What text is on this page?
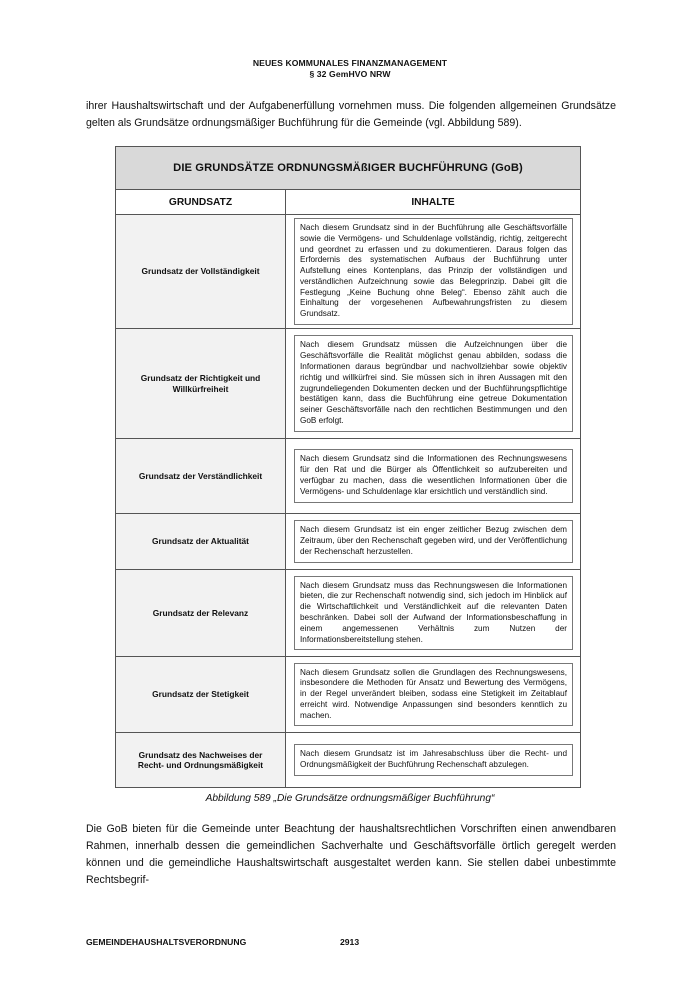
NEUES KOMMUNALES FINANZMANAGEMENT
§ 32 GemHVO NRW

ihrer Haushaltswirtschaft und der Aufgabenerfüllung vornehmen muss. Die folgenden allgemeinen Grundsätze gelten als Grundsätze ordnungsmäßiger Buchführung für die Gemeinde (vgl. Abbildung 589).

DIE GRUNDSÄTZE ORDNUNGSMÄßIGER BUCHFÜHRUNG (GoB)	
GRUNDSATZ	INHALTE
Grundsatz der Vollständigkeit	Nach diesem Grundsatz sind in der Buchführung alle Geschäftsvorfälle sowie die Vermögens- und Schuldenlage vollständig, richtig, zeitgerecht und geordnet zu erfassen und zu dokumentieren. Daraus folgen das Erfordernis des systematischen Aufbaus der Buchführung unter Aufstellung eines Kontenplans, das Prinzip der vollständigen und verständlichen Aufzeichnung sowie das Belegprinzip. Dabei gilt die Festlegung „Keine Buchung ohne Beleg“. Ebenso zählt auch die Einhaltung der vorgesehenen Aufbewahrungsfristen zu diesem Grundsatz.

Grundsatz der Richtigkeit und Willkürfreiheit	Nach diesem Grundsatz müssen die Aufzeichnungen über die Geschäftsvorfälle die Realität möglichst genau abbilden, sodass die Informationen daraus begründbar und nachvollziehbar sowie objektiv richtig und willkürfrei sind. Sie müssen sich in ihren Aussagen mit den zugrundeliegenden Dokumenten decken und der Buchführungspflichtige bestätigen kann, dass die Buchführung eine getreue Dokumentation seiner Geschäftsvorfälle nach den rechtlichen Bestimmungen und den GoB erfolgt.

Grundsatz der Verständlichkeit	Nach diesem Grundsatz sind die Informationen des Rechnungswesens für den Rat und die Bürger als Öffentlichkeit so aufzubereiten und verfügbar zu machen, dass die wesentlichen Informationen über die Vermögens- und Schuldenlage klar ersichtlich und verständlich sind.

Grundsatz der Aktualität	Nach diesem Grundsatz ist ein enger zeitlicher Bezug zwischen dem Zeitraum, über den Rechenschaft gegeben wird, und der Veröffentlichung der Rechenschaft herzustellen.

Grundsatz der Relevanz	Nach diesem Grundsatz muss das Rechnungswesen die Informationen bieten, die zur Rechenschaft notwendig sind, sich jedoch im Hinblick auf die Wirtschaftlichkeit und Verständlichkeit auf die relevanten Daten beschränken. Dabei soll der Aufwand der Informationsbeschaffung in einem angemessenen Verhältnis zum Nutzen der Informationsbereitstellung stehen.

Grundsatz der Stetigkeit	Nach diesem Grundsatz sollen die Grundlagen des Rechnungswesens, insbesondere die Methoden für Ansatz und Bewertung des Vermögens, in der Regel unverändert bleiben, sodass eine Stetigkeit im Zeitablauf erreicht wird. Notwendige Anpassungen sind besonders kenntlich zu machen.

Grundsatz des Nachweises der Recht- und Ordnungsmäßigkeit	Nach diesem Grundsatz ist im Jahresabschluss über die Recht- und Ordnungsmäßigkeit der Buchführung Rechenschaft abzulegen.
Abbildung 589 „Die Grundsätze ordnungsmäßiger Buchführung“

Die GoB bieten für die Gemeinde unter Beachtung der haushaltsrechtlichen Vorschriften einen anwendbaren Rahmen, innerhalb dessen die gemeindlichen Sachverhalte und Geschäftsvorfälle örtlich geregelt werden können und die gemeindliche Haushaltswirtschaft ausgestaltet werden kann. Sie stellen dabei unbestimmte Rechtsbegrif-

GEMEINDEHAUSHALTSVERORDNUNG	2913
